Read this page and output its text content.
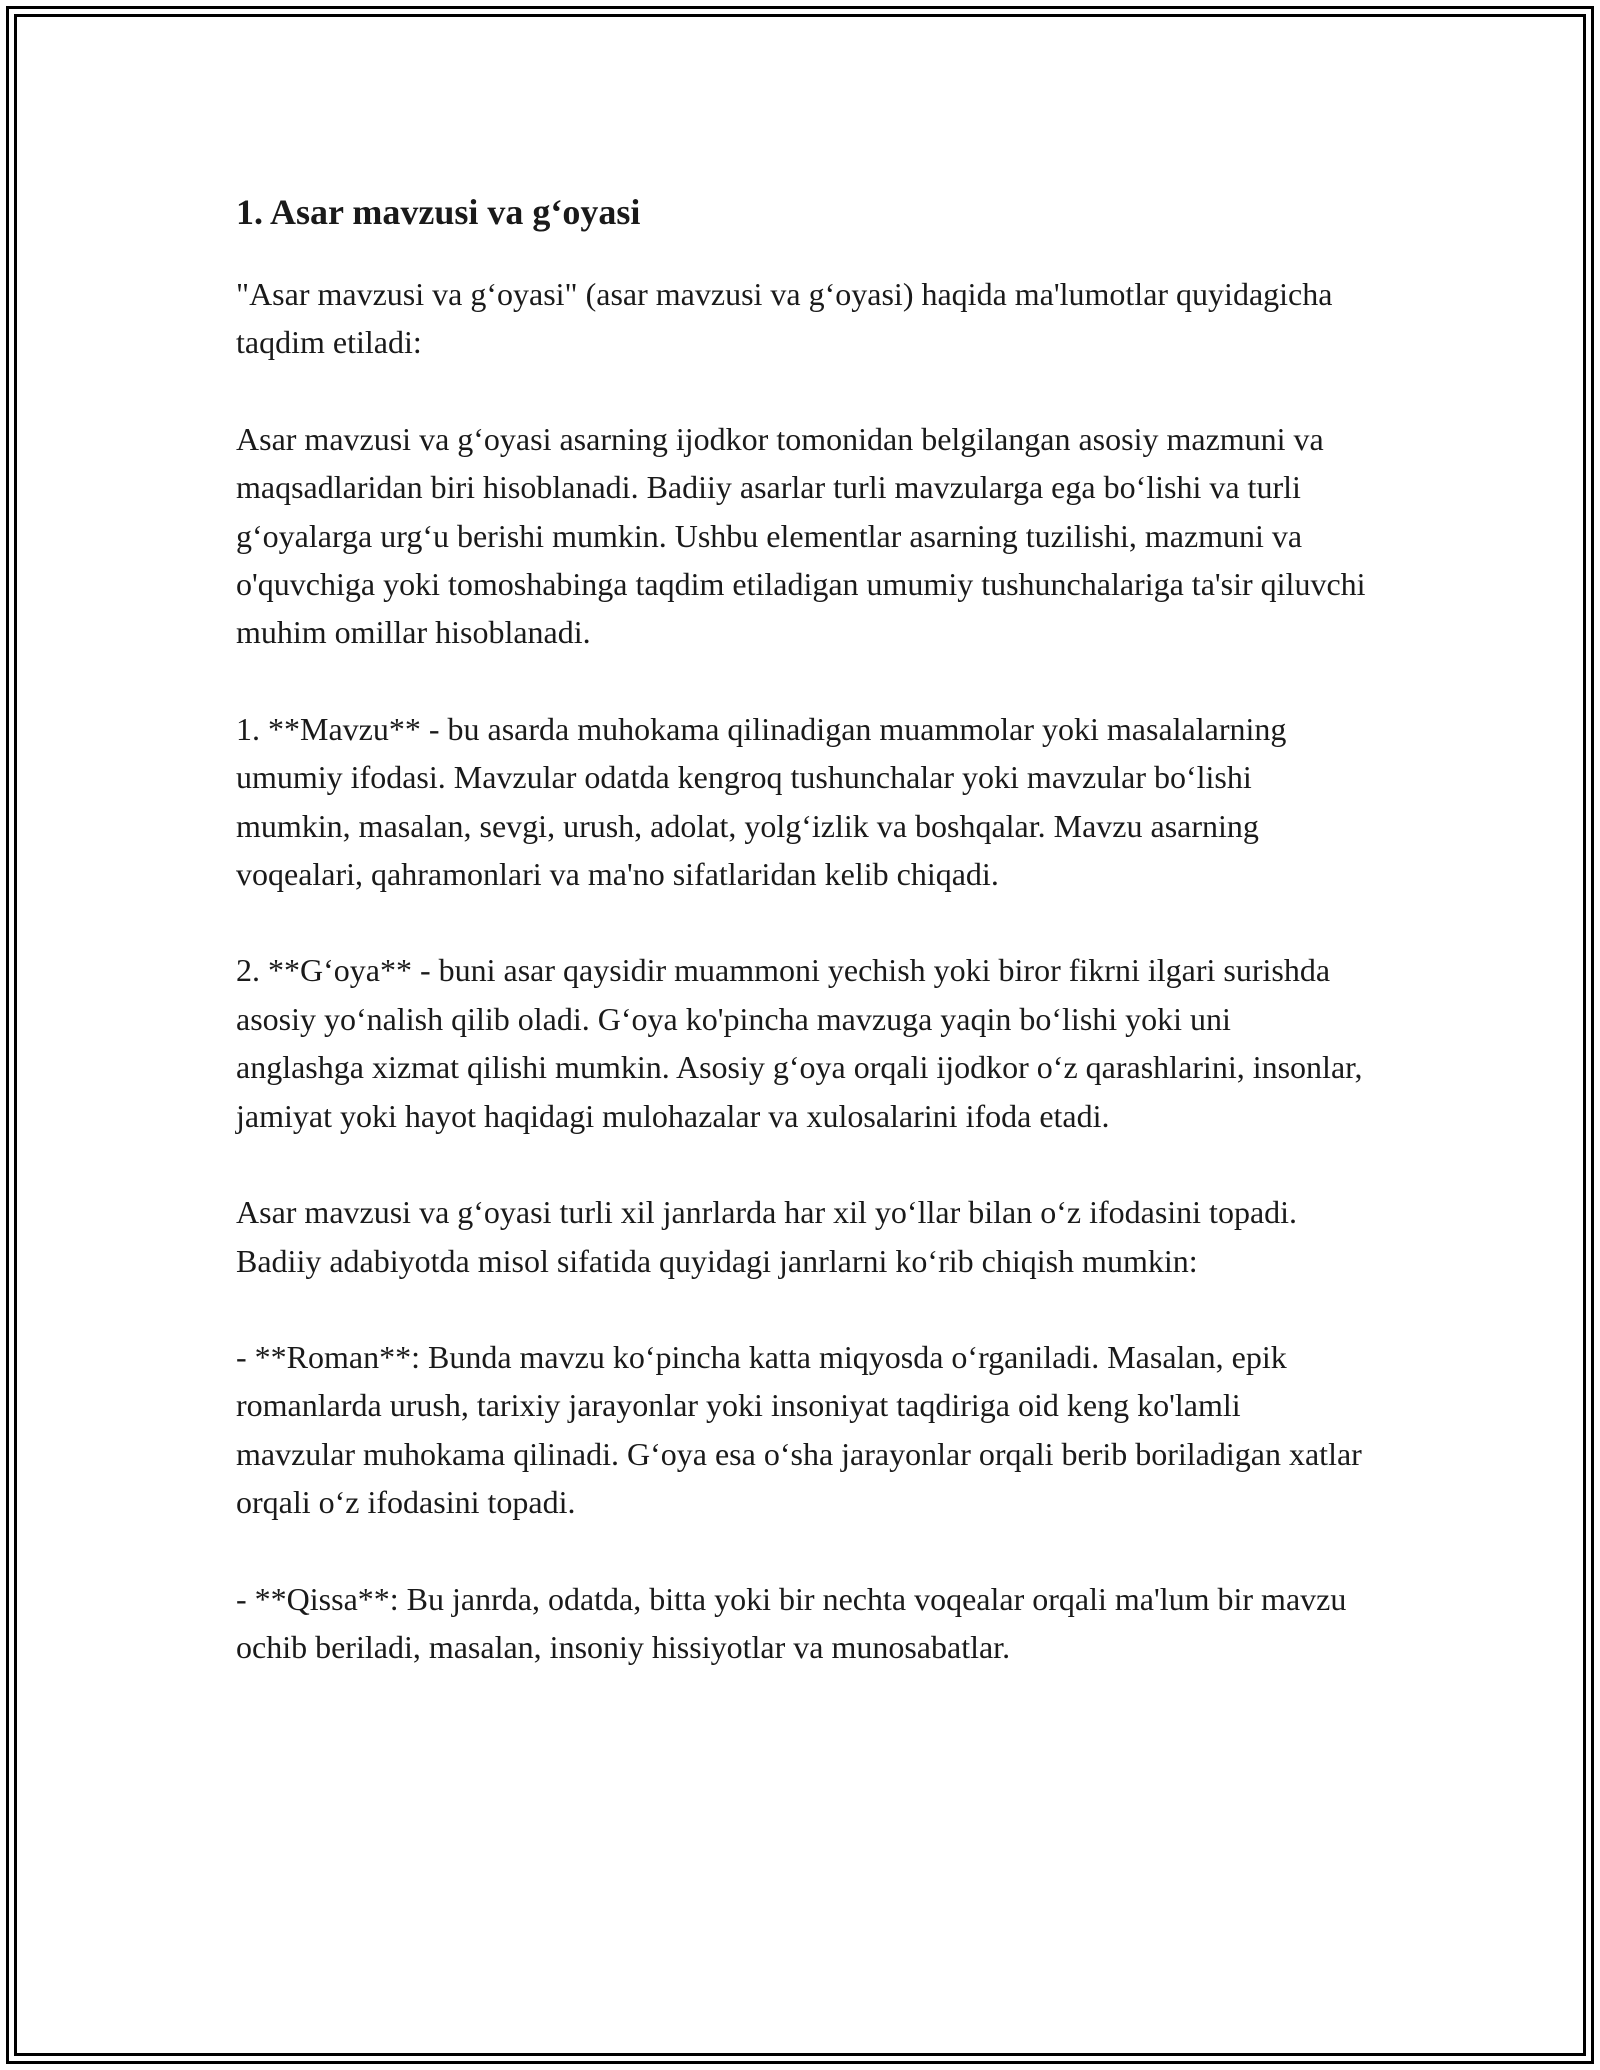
1. Asar mavzusi va g‘oyasi

"Asar mavzusi va g‘oyasi" (asar mavzusi va g‘oyasi) haqida ma'lumotlar quyidagicha taqdim etiladi:

Asar mavzusi va g‘oyasi asarning ijodkor tomonidan belgilangan asosiy mazmuni va maqsadlaridan biri hisoblanadi. Badiiy asarlar turli mavzularga ega bo‘lishi va turli g‘oyalarga urg‘u berishi mumkin. Ushbu elementlar asarning tuzilishi, mazmuni va o'quvchiga yoki tomoshabinga taqdim etiladigan umumiy tushunchalariga ta'sir qiluvchi muhim omillar hisoblanadi.

1. **Mavzu** - bu asarda muhokama qilinadigan muammolar yoki masalalarning umumiy ifodasi. Mavzular odatda kengroq tushunchalar yoki mavzular bo‘lishi mumkin, masalan, sevgi, urush, adolat, yolg‘izlik va boshqalar. Mavzu asarning voqealari, qahramonlari va ma'no sifatlaridan kelib chiqadi.

2. **G‘oya** - buni asar qaysidir muammoni yechish yoki biror fikrni ilgari surishda asosiy yo‘nalish qilib oladi. G‘oya ko'pincha mavzuga yaqin bo‘lishi yoki uni anglashga xizmat qilishi mumkin. Asosiy g‘oya orqali ijodkor o‘z qarashlarini, insonlar, jamiyat yoki hayot haqidagi mulohazalar va xulosalarini ifoda etadi.

Asar mavzusi va g‘oyasi turli xil janrlarda har xil yo‘llar bilan o‘z ifodasini topadi. Badiiy adabiyotda misol sifatida quyidagi janrlarni ko‘rib chiqish mumkin:

- **Roman**: Bunda mavzu ko‘pincha katta miqyosda o‘rganiladi. Masalan, epik romanlarda urush, tarixiy jarayonlar yoki insoniyat taqdiriga oid keng ko'lamli mavzular muhokama qilinadi. G‘oya esa o‘sha jarayonlar orqali berib boriladigan xatlar orqali o‘z ifodasini topadi.

- **Qissa**: Bu janrda, odatda, bitta yoki bir nechta voqealar orqali ma'lum bir mavzu ochib beriladi, masalan, insoniy hissiyotlar va munosabatlar.
